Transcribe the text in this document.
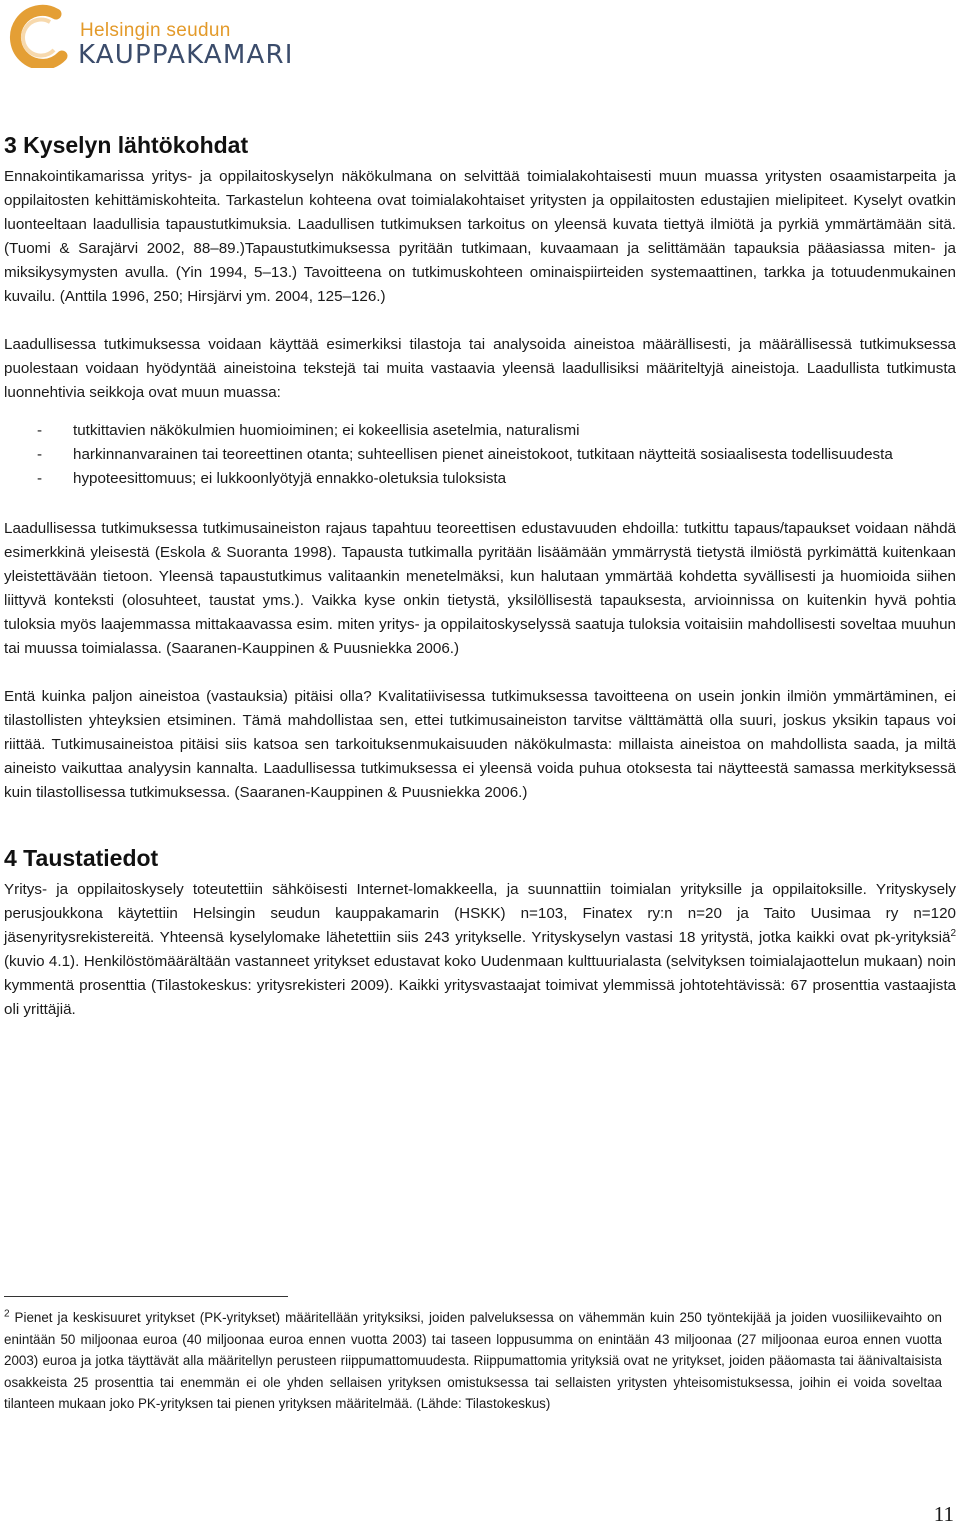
Helsingin seudun
KAUPPAKAMARI
3 Kyselyn lähtökohdat

Ennakointikamarissa yritys- ja oppilaitoskyselyn näkökulmana on selvittää toimialakohtaisesti muun muassa yritysten osaamistarpeita ja oppilaitosten kehittämiskohteita. Tarkastelun kohteena ovat toimialakohtaiset yritysten ja oppilaitosten edustajien mielipiteet. Kyselyt ovatkin luonteeltaan laadullisia tapaustutkimuksia. Laadullisen tutkimuksen tarkoitus on yleensä kuvata tiettyä ilmiötä ja pyrkiä ymmärtämään sitä. (Tuomi & Sarajärvi 2002, 88–89.)Tapaustutkimuksessa pyritään tutkimaan, kuvaamaan ja selittämään tapauksia pääasiassa miten- ja miksikysymysten avulla. (Yin 1994, 5–13.) Tavoitteena on tutkimuskohteen ominaispiirteiden systemaattinen, tarkka ja totuudenmukainen kuvailu. (Anttila 1996, 250; Hirsjärvi ym. 2004, 125–126.)

Laadullisessa tutkimuksessa voidaan käyttää esimerkiksi tilastoja tai analysoida aineistoa määrällisesti, ja määrällisessä tutkimuksessa puolestaan voidaan hyödyntää aineistoina tekstejä tai muita vastaavia yleensä laadullisiksi määriteltyjä aineistoja. Laadullista tutkimusta luonnehtivia seikkoja ovat muun muassa:

- tutkittavien näkökulmien huomioiminen; ei kokeellisia asetelmia, naturalismi
- harkinnanvarainen tai teoreettinen otanta; suhteellisen pienet aineistokoot, tutkitaan näytteitä sosiaalisesta todellisuudesta
- hypoteesittomuus; ei lukkoonlyötyjä ennakko-oletuksia tuloksista

Laadullisessa tutkimuksessa tutkimusaineiston rajaus tapahtuu teoreettisen edustavuuden ehdoilla: tutkittu tapaus/tapaukset voidaan nähdä esimerkkinä yleisestä (Eskola & Suoranta 1998). Tapausta tutkimalla pyritään lisäämään ymmärrystä tietystä ilmiöstä pyrkimättä kuitenkaan yleistettävään tietoon. Yleensä tapaustutkimus valitaankin menetelmäksi, kun halutaan ymmärtää kohdetta syvällisesti ja huomioida siihen liittyvä konteksti (olosuhteet, taustat yms.). Vaikka kyse onkin tietystä, yksilöllisestä tapauksesta, arvioinnissa on kuitenkin hyvä pohtia tuloksia myös laajemmassa mittakaavassa esim. miten yritys- ja oppilaitoskyselyssä saatuja tuloksia voitaisiin mahdollisesti soveltaa muuhun tai muussa toimialassa. (Saaranen-Kauppinen & Puusniekka 2006.)

Entä kuinka paljon aineistoa (vastauksia) pitäisi olla? Kvalitatiivisessa tutkimuksessa tavoitteena on usein jonkin ilmiön ymmärtäminen, ei tilastollisten yhteyksien etsiminen. Tämä mahdollistaa sen, ettei tutkimusaineiston tarvitse välttämättä olla suuri, joskus yksikin tapaus voi riittää. Tutkimusaineistoa pitäisi siis katsoa sen tarkoituksenmukaisuuden näkökulmasta: millaista aineistoa on mahdollista saada, ja miltä aineisto vaikuttaa analyysin kannalta. Laadullisessa tutkimuksessa ei yleensä voida puhua otoksesta tai näytteestä samassa merkityksessä kuin tilastollisessa tutkimuksessa. (Saaranen-Kauppinen & Puusniekka 2006.)

4 Taustatiedot

Yritys- ja oppilaitoskysely toteutettiin sähköisesti Internet-lomakkeella, ja suunnattiin toimialan yrityksille ja oppilaitoksille. Yrityskysely perusjoukkona käytettiin Helsingin seudun kauppakamarin (HSKK) n=103, Finatex ry:n n=20 ja Taito Uusimaa ry n=120 jäsenyritysrekistereitä. Yhteensä kyselylomake lähetettiin siis 243 yritykselle. Yrityskyselyn vastasi 18 yritystä, jotka kaikki ovat pk-yrityksiä$^2$ (kuvio 4.1). Henkilöstömäärältään vastanneet yritykset edustavat koko Uudenmaan kulttuurialasta (selvityksen toimialajaottelun mukaan) noin kymmentä prosenttia (Tilastokeskus: yritysrekisteri 2009). Kaikki yritysvastaajat toimivat ylemmissä johtotehtävissä: 67 prosenttia vastaajista oli yrittäjiä.

$^2$ Pienet ja keskisuuret yritykset (PK-yritykset) määritellään yrityksiksi, joiden palveluksessa on vähemmän kuin 250 työntekijää ja joiden vuosiliikevaihto on enintään 50 miljoonaa euroa (40 miljoonaa euroa ennen vuotta 2003) tai taseen loppusumma on enintään 43 miljoonaa (27 miljoonaa euroa ennen vuotta 2003) euroa ja jotka täyttävät alla määritellyn perusteen riippumattomuudesta. Riippumattomia yrityksiä ovat ne yritykset, joiden pääomasta tai äänivaltaisista osakkeista 25 prosenttia tai enemmän ei ole yhden sellaisen yrityksen omistuksessa tai sellaisten yritysten yhteisomistuksessa, joihin ei voida soveltaa tilanteen mukaan joko PK-yrityksen tai pienen yrityksen määritelmää. (Lähde: Tilastokeskus)
11
